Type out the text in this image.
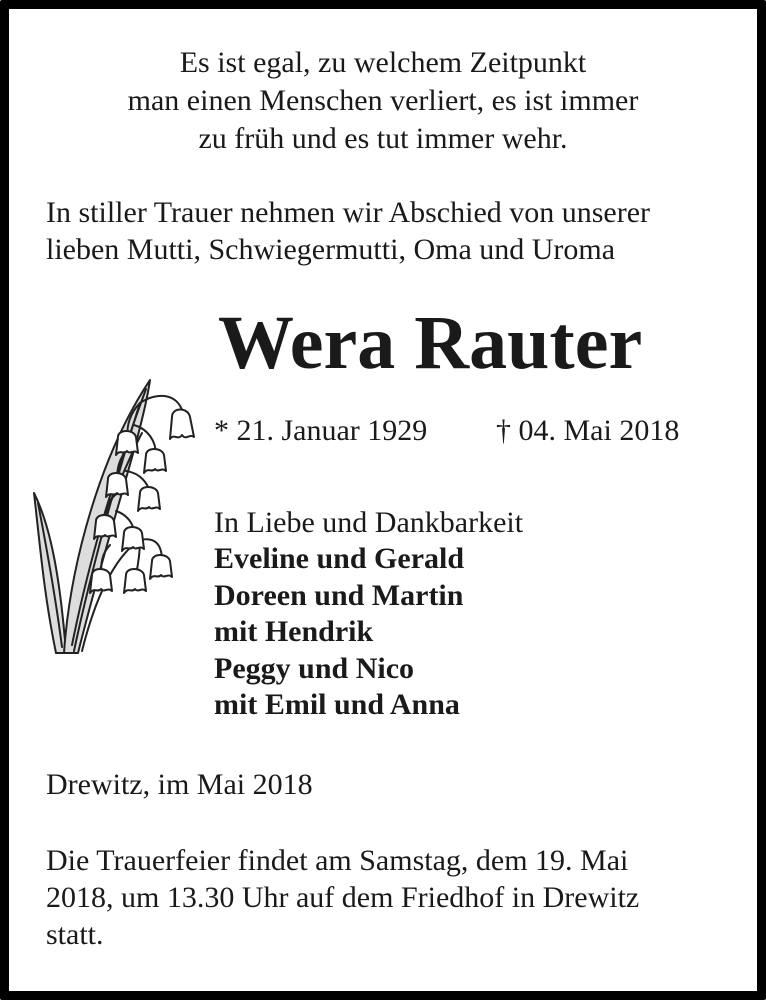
Es ist egal, zu welchem Zeitpunkt
man einen Menschen verliert, es ist immer
zu früh und es tut immer wehr.
In stiller Trauer nehmen wir Abschied von unserer
lieben Mutti, Schwiegermutti, Oma und Uroma
Wera Rauter
* 21. Januar 1929 † 04. Mai 2018
In Liebe und Dankbarkeit
Eveline und Gerald
Doreen und Martin
mit Hendrik
Peggy und Nico
mit Emil und Anna
Drewitz, im Mai 2018
Die Trauerfeier findet am Samstag, dem 19. Mai
2018, um 13.30 Uhr auf dem Friedhof in Drewitz
statt.
